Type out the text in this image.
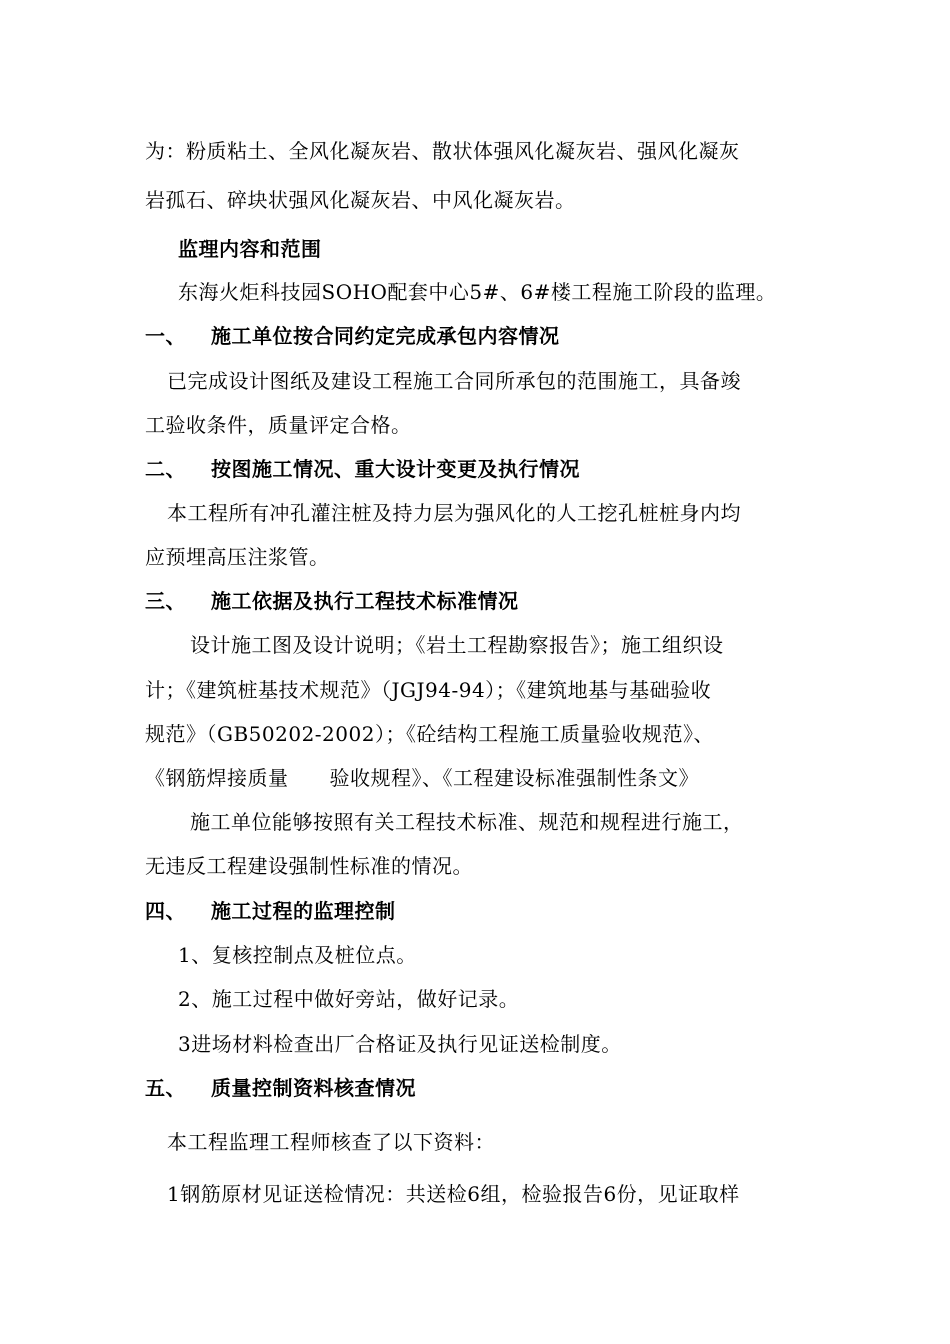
为：粉质粘土、全风化凝灰岩、散状体强风化凝灰岩、强风化凝灰
岩孤石、碎块状强风化凝灰岩、中风化凝灰岩。
监理内容和范围
东海火炬科技园SOHO配套中心5#、6#楼工程施工阶段的监理。
一、 施工单位按合同约定完成承包内容情况
已完成设计图纸及建设工程施工合同所承包的范围施工，具备竣
工验收条件，质量评定合格。
二、 按图施工情况、重大设计变更及执行情况
本工程所有冲孔灌注桩及持力层为强风化的人工挖孔桩桩身内均
应预埋高压注浆管。
三、 施工依据及执行工程技术标准情况
设计施工图及设计说明；《岩土工程勘察报告》；施工组织设
计；《建筑桩基技术规范》（JGJ94-94）；《建筑地基与基础验收
规范》（GB50202-2002）；《砼结构工程施工质量验收规范》、
《钢筋焊接质量　　验收规程》、《工程建设标准强制性条文》
施工单位能够按照有关工程技术标准、规范和规程进行施工，
无违反工程建设强制性标准的情况。
四、 施工过程的监理控制
1、复核控制点及桩位点。
2、施工过程中做好旁站，做好记录。
3进场材料检查出厂合格证及执行见证送检制度。
五、 质量控制资料核查情况
本工程监理工程师核查了以下资料：
1钢筋原材见证送检情况：共送检6组，检验报告6份，见证取样
